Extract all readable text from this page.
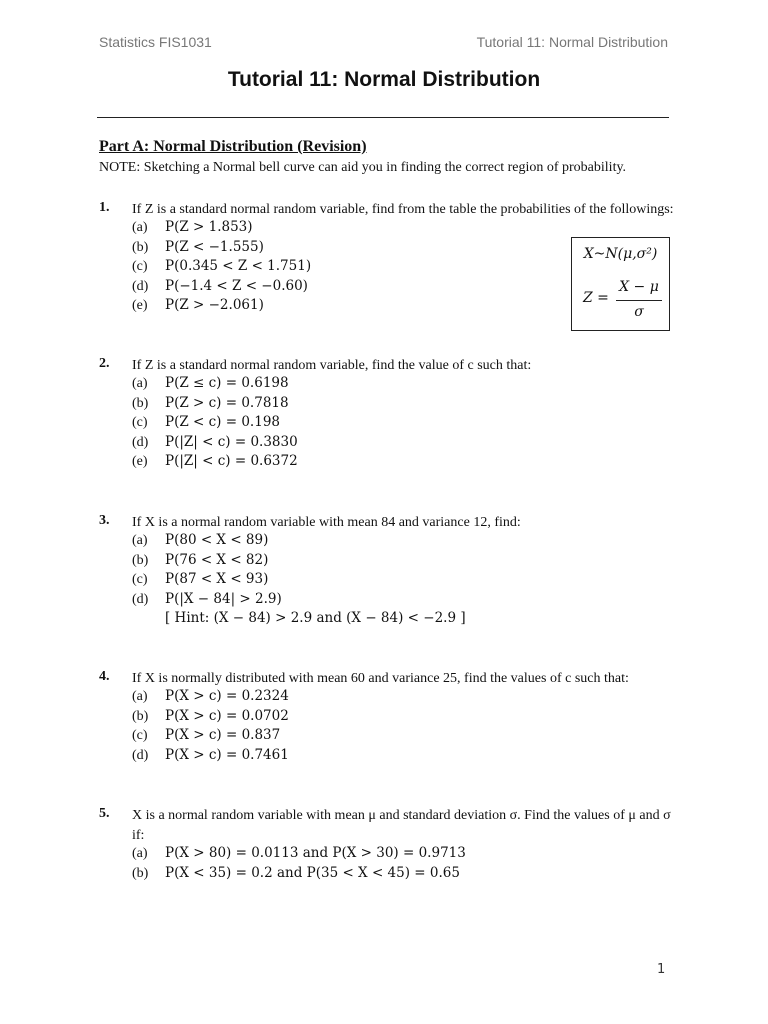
Statistics FIS1031	Tutorial 11: Normal Distribution
Tutorial 11: Normal Distribution
Part A: Normal Distribution (Revision)
NOTE: Sketching a Normal bell curve can aid you in finding the correct region of probability.
1. If Z is a standard normal random variable, find from the table the probabilities of the followings:
(a) P(Z > 1.853)
(b) P(Z < −1.555)
(c) P(0.345 < Z < 1.751)
(d) P(−1.4 < Z < −0.60)
(e) P(Z > −2.061)
X~N(μ,σ²)
Z =
X − μ
σ
2. If Z is a standard normal random variable, find the value of c such that:
(a) P(Z ≤ c) = 0.6198
(b) P(Z > c) = 0.7818
(c) P(Z < c) = 0.198
(d) P(|Z| < c) = 0.3830
(e) P(|Z| < c) = 0.6372
3. If X is a normal random variable with mean 84 and variance 12, find:
(a) P(80 < X < 89)
(b) P(76 < X < 82)
(c) P(87 < X < 93)
(d) P(|X − 84| > 2.9)
[ Hint: (X − 84) > 2.9 and (X − 84) < −2.9 ]
4. If X is normally distributed with mean 60 and variance 25, find the values of c such that:
(a) P(X > c) = 0.2324
(b) P(X > c) = 0.0702
(c) P(X > c) = 0.837
(d) P(X > c) = 0.7461
5. X is a normal random variable with mean μ and standard deviation σ. Find the values of μ and σ if:
(a) P(X > 80) = 0.0113 and P(X > 30) = 0.9713
(b) P(X < 35) = 0.2 and P(35 < X < 45) = 0.65
1
